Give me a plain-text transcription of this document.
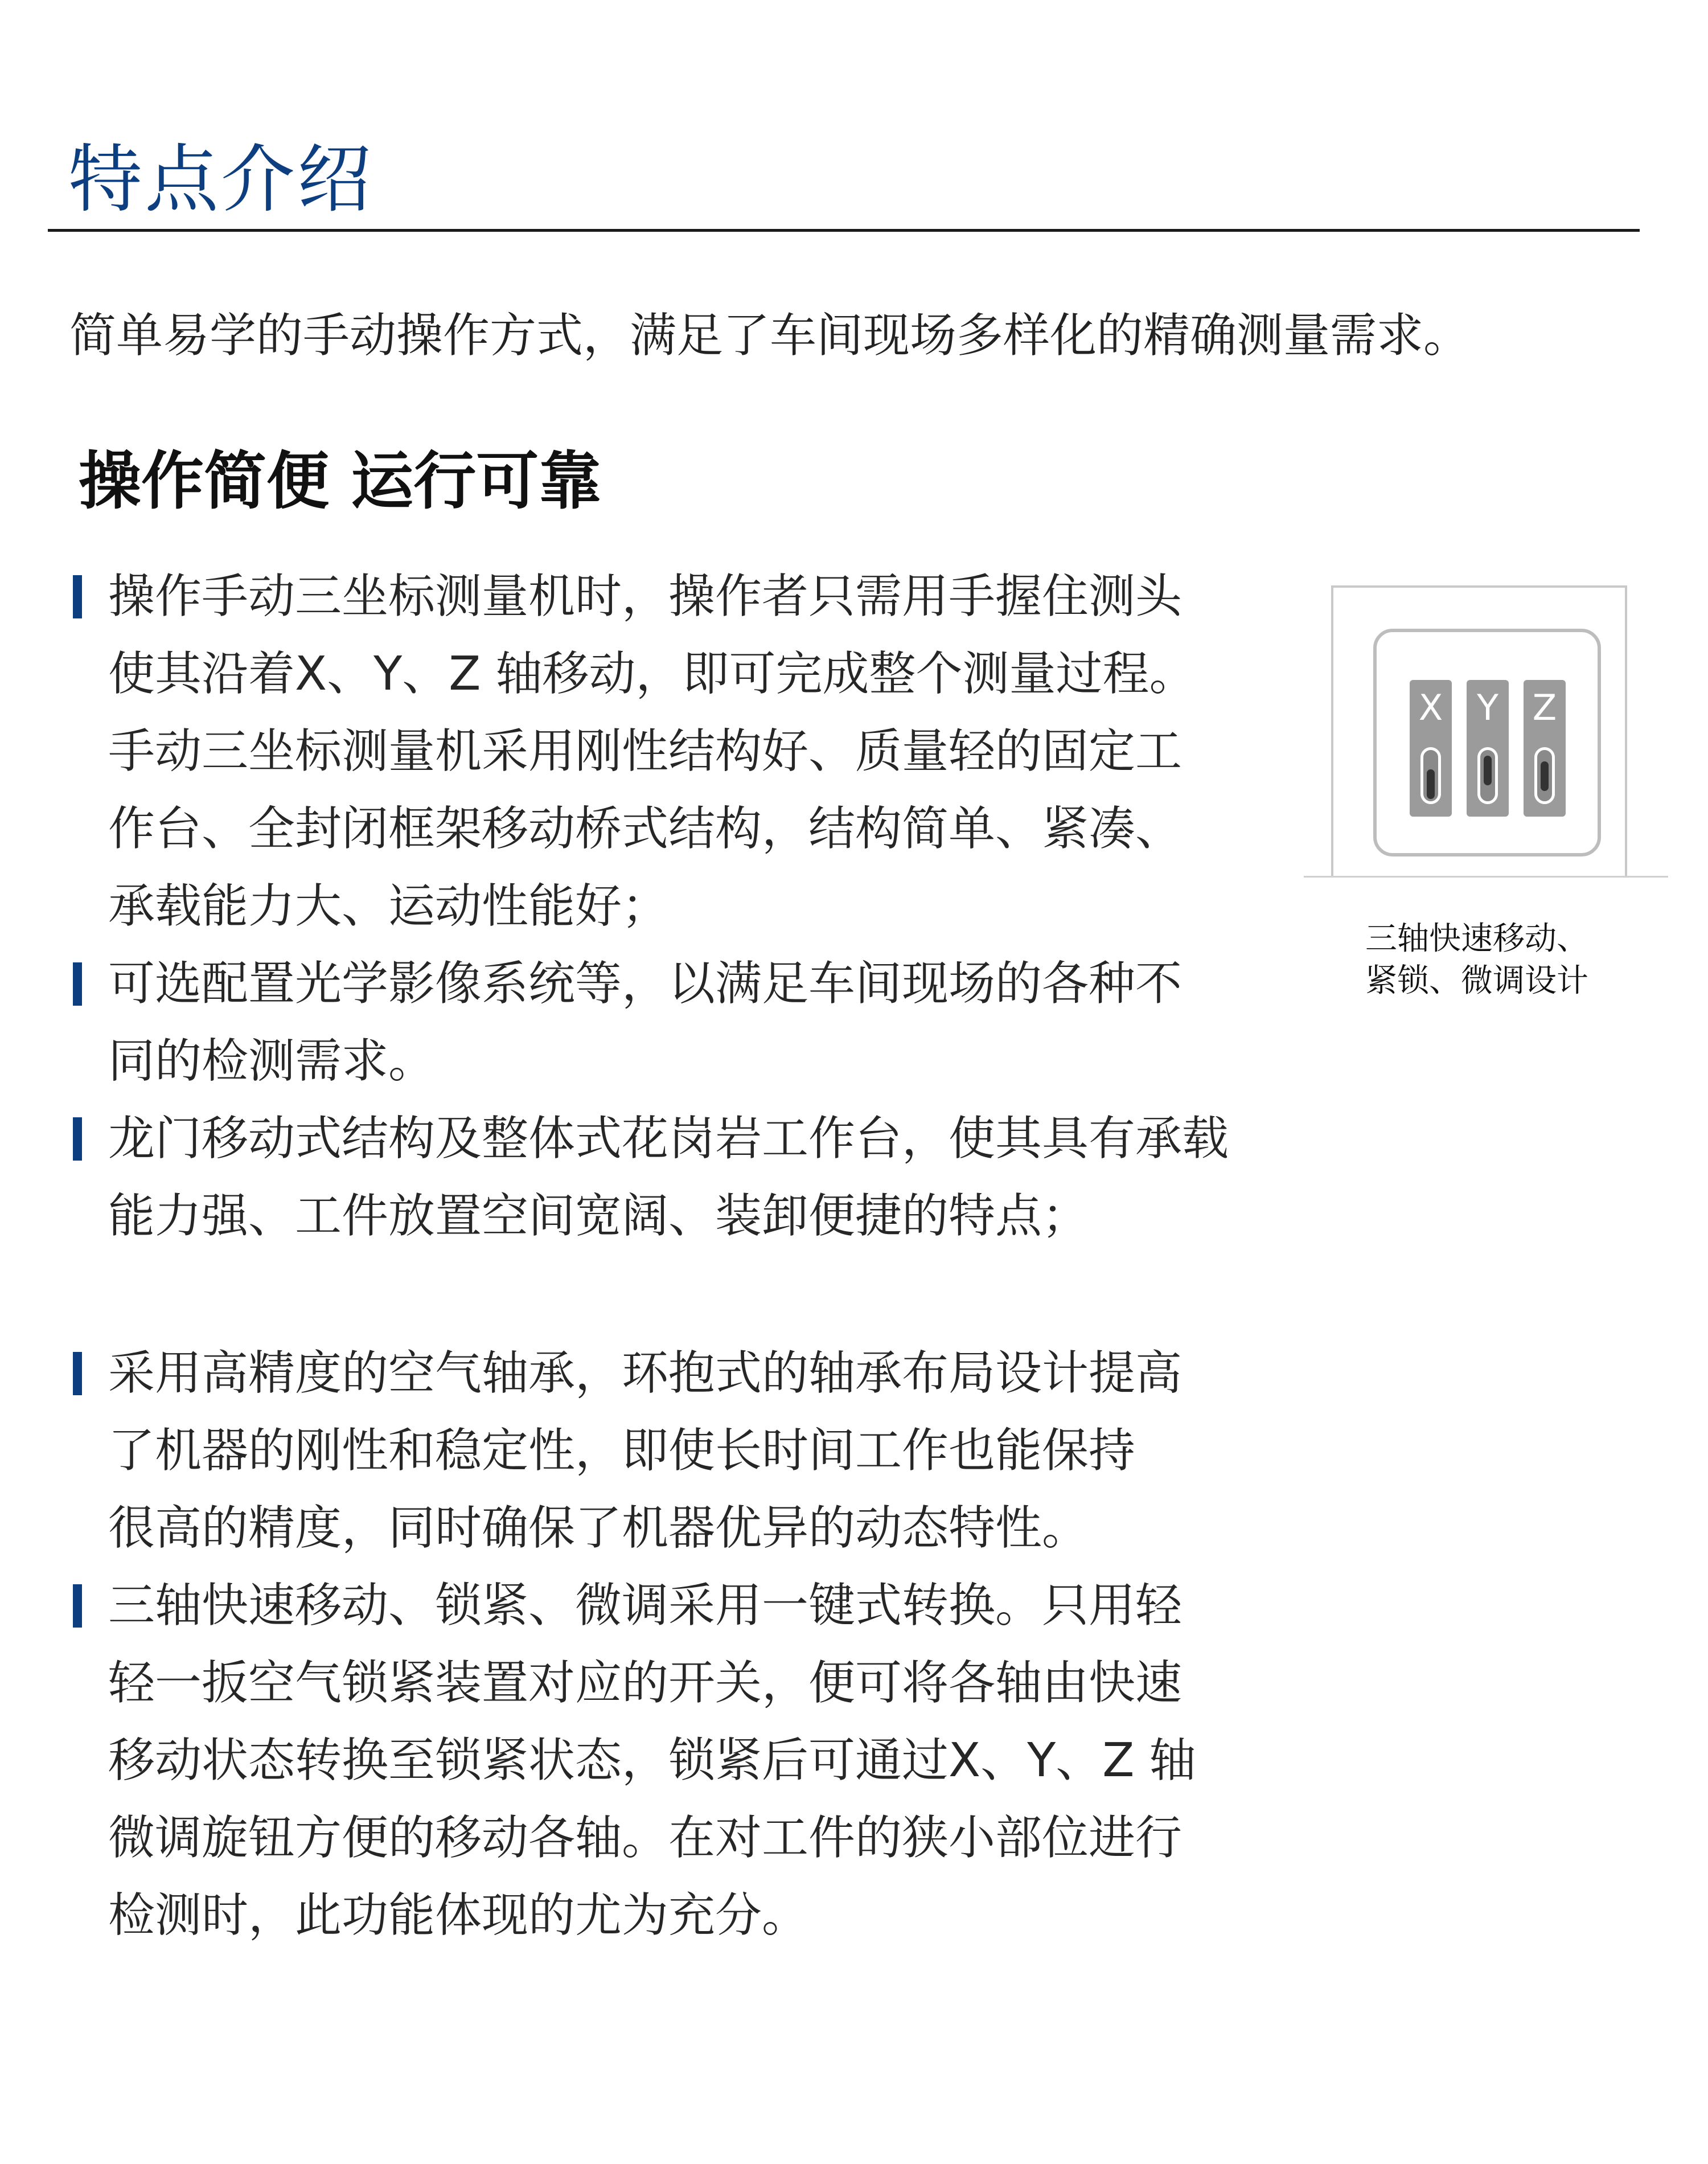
特点介绍

简单易学的手动操作方式，满足了车间现场多样化的精确测量需求。

操作简便 运行可靠
操作手动三坐标测量机时，操作者只需用手握住测头
使其沿着X、Y、Z 轴移动，即可完成整个测量过程。
手动三坐标测量机采用刚性结构好、质量轻的固定工
作台、全封闭框架移动桥式结构，结构简单、紧凑、
承载能力大、运动性能好；
可选配置光学影像系统等，以满足车间现场的各种不
同的检测需求。
龙门移动式结构及整体式花岗岩工作台，使其具有承载
能力强、工件放置空间宽阔、装卸便捷的特点；
采用高精度的空气轴承，环抱式的轴承布局设计提高
了机器的刚性和稳定性，即使长时间工作也能保持
很高的精度，同时确保了机器优异的动态特性。
三轴快速移动、锁紧、微调采用一键式转换。只用轻
轻一扳空气锁紧装置对应的开关，便可将各轴由快速
移动状态转换至锁紧状态，锁紧后可通过X、Y、Z 轴
微调旋钮方便的移动各轴。在对工件的狭小部位进行
检测时，此功能体现的尤为充分。
X Y Z
三轴快速移动、
紧锁、微调设计
